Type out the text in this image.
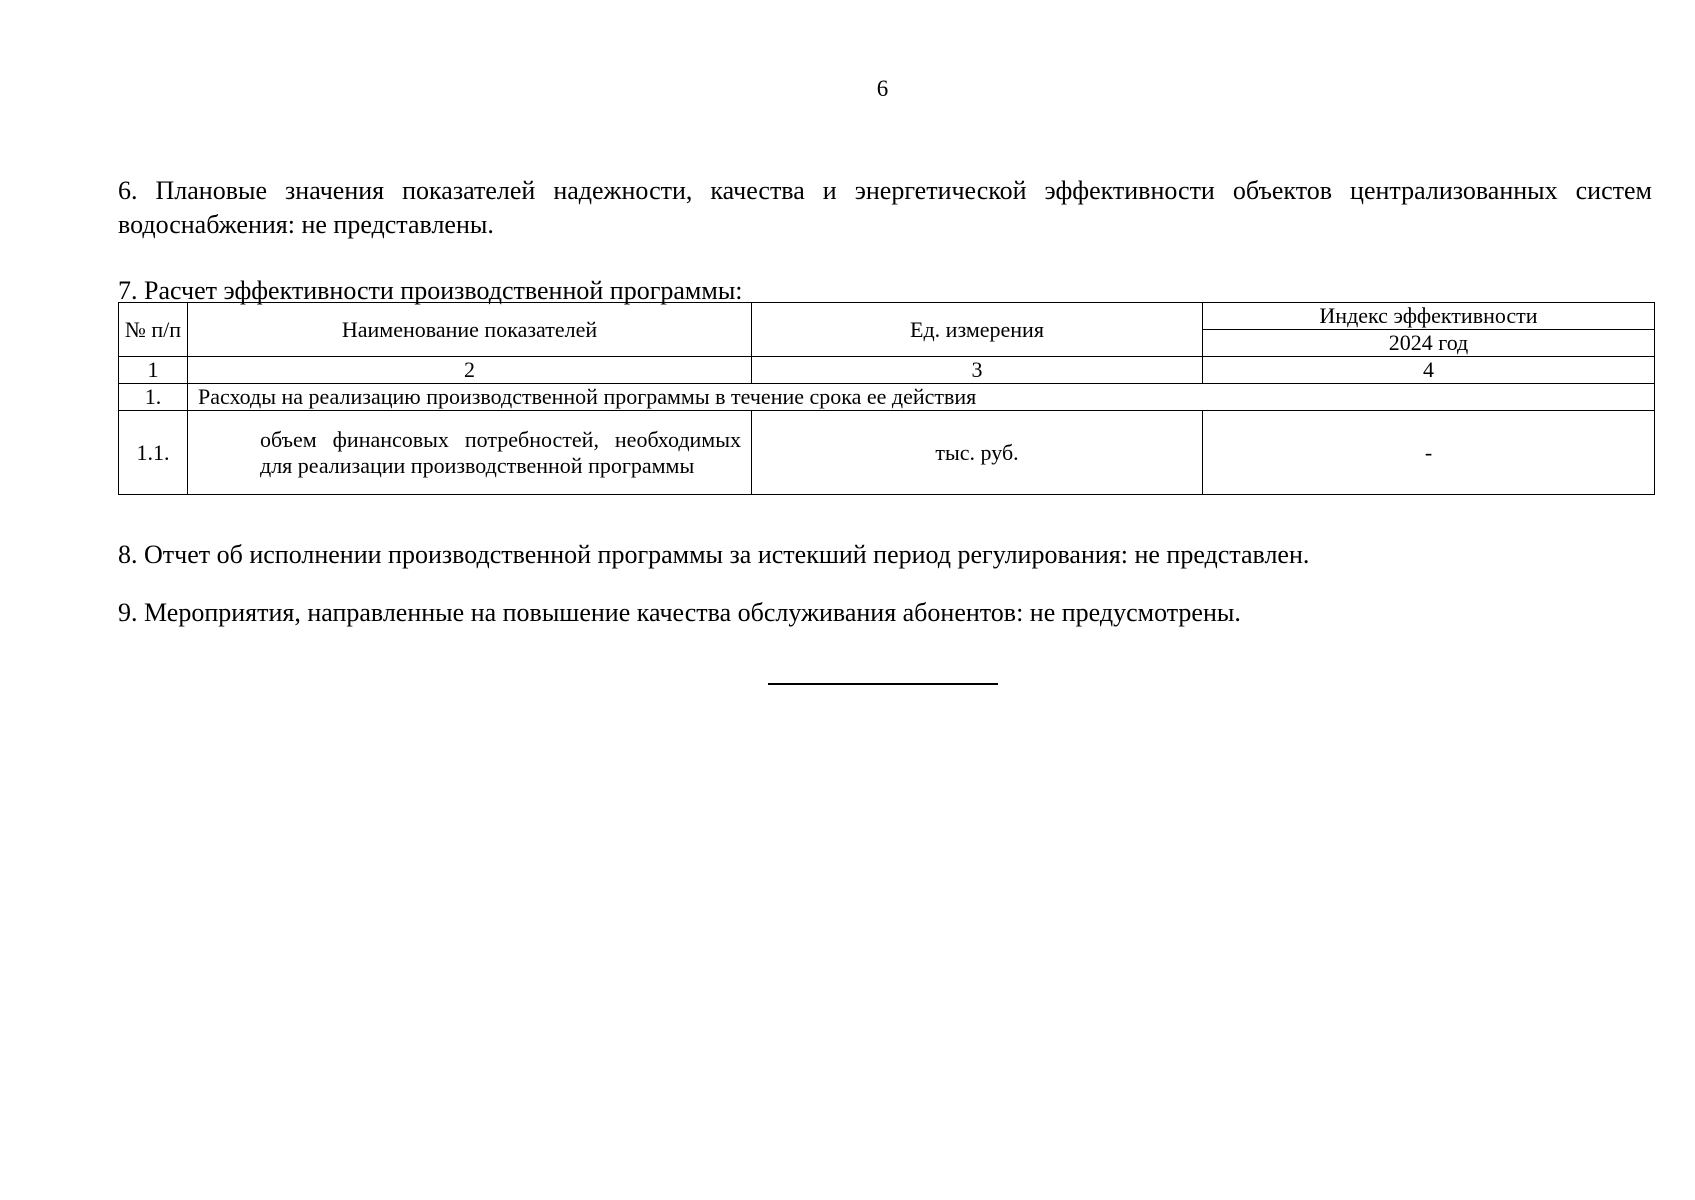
6
6. Плановые значения показателей надежности, качества и энергетической эффективности объектов централизованных систем водоснабжения: не представлены.
7. Расчет эффективности производственной программы:
№ п/п	Наименование показателей	Ед. измерения	Индекс эффективности
			2024 год
1	2	3	4
1.	Расходы на реализацию производственной программы в течение срока ее действия		
1.1.	объем финансовых потребностей, необходимых для реализации производственной программы	тыс. руб.	-
8. Отчет об исполнении производственной программы за истекший период регулирования: не представлен.
9. Мероприятия, направленные на повышение качества обслуживания абонентов: не предусмотрены.
